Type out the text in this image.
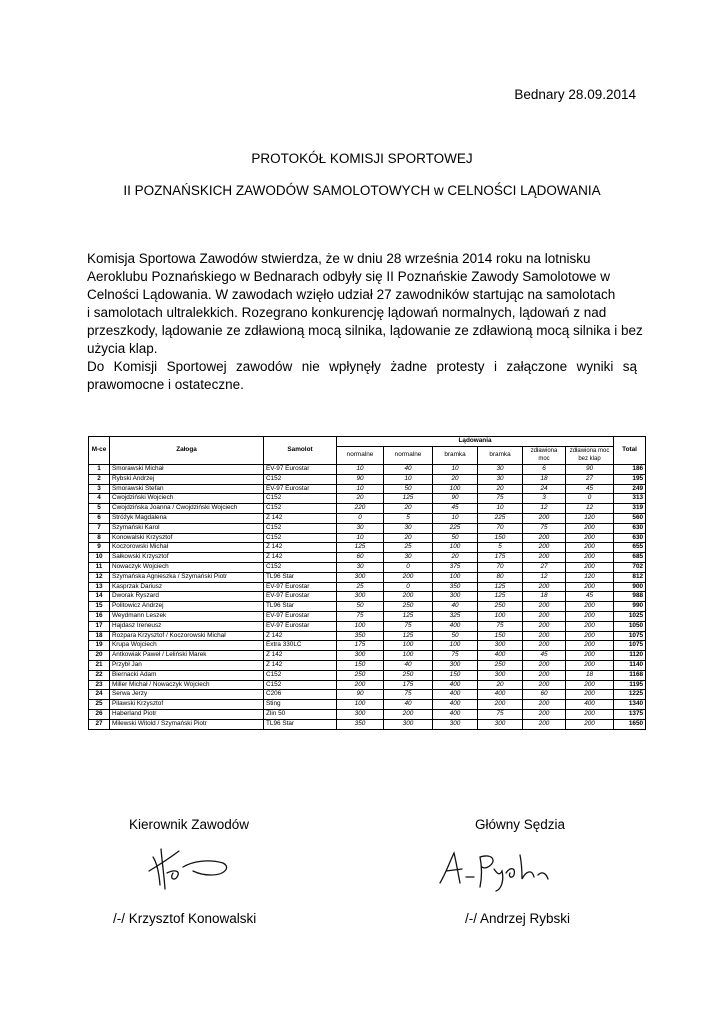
Bednary 28.09.2014
PROTOKÓŁ KOMISJI SPORTOWEJ
II POZNAŃSKICH ZAWODÓW SAMOLOTOWYCH w CELNOŚCI LĄDOWANIA
Komisja Sportowa Zawodów stwierdza, że w dniu 28 września 2014 roku na lotnisku
Aeroklubu Poznańskiego w Bednarach odbyły się II Poznańskie Zawody Samolotowe w
Celności Lądowania. W zawodach wzięło udział 27 zawodników startując na samolotach
i samolotach ultralekkich. Rozegrano konkurencję lądowań normalnych, lądowań z nad
przeszkody, lądowanie ze zdławioną mocą silnika, lądowanie ze zdławioną mocą silnika i bez
użycia klap.
Do Komisji Sportowej zawodów nie wpłynęły żadne protesty i załączone wyniki są
prawomocne i ostateczne.
M-ce	Załoga	Samolot	Lądowania						Total
			normalne	normalne	bramka	bramka	zdławiona moc	zdławiona moc bez klap	
1	Smorawski Michał	EV-97 Eurostar	10	40	10	30	6	90	186
2	Rybski Andrzej	C152	90	10	20	30	18	27	195
3	Smorawski Stefan	EV-97 Eurostar	10	50	100	20	24	45	249
4	Cwojdziński Wojciech	C152	20	125	90	75	3	0	313
5	Cwojdzińska Joanna / Cwojdziński Wojciech	C152	220	20	45	10	12	12	319
6	Stróżyk Magdalena	Z 142	0	5	10	225	200	120	560
7	Szymański Karol	C152	30	30	225	70	75	200	630
8	Konowalski Krzysztof	C152	10	20	50	150	200	200	630
9	Koczorowski Michał	Z 142	125	25	100	5	200	200	655
10	Sałkowski Krzysztof	Z 142	60	30	20	175	200	200	685
11	Nowaczyk Wojciech	C152	30	0	375	70	27	200	702
12	Szymańska Agnieszka / Szymański Piotr	TL96 Star	300	200	100	80	12	120	812
13	Kasprzak Dariusz	EV-97 Eurostar	25	0	350	125	200	200	900
14	Dworak Ryszard	EV-97 Eurostar	300	200	300	125	18	45	988
15	Politowicz Andrzej	TL96 Star	50	250	40	250	200	200	990
16	Weydmann Leszek	EV-97 Eurostar	75	125	325	100	200	200	1025
17	Hajdasz Ireneusz	EV-97 Eurostar	100	75	400	75	200	200	1050
18	Rozpara Krzysztof / Koczorowski Michał	Z 142	350	125	50	150	200	200	1075
19	Krupa Wojciech	Extra 330LC	175	100	100	300	200	200	1075
20	Antkowiak Paweł / Leliński Marek	Z 142	300	100	75	400	45	200	1120
21	Przybł Jan	Z 142	150	40	300	250	200	200	1140
22	Biernacki Adam	C152	250	250	150	300	200	18	1168
23	Miller Michał / Nowaczyk Wojciech	C152	200	175	400	20	200	200	1195
24	Serwa Jerzy	C206	90	75	400	400	60	200	1225
25	Pilawski Krzysztof	Sting	100	40	400	200	200	400	1340
26	Haberland Piotr	Zlin 50	300	200	400	75	200	200	1375
27	Milewski Witold / Szymański Piotr	TL96 Star	350	300	300	300	200	200	1650
Kierownik Zawodów	Główny Sędzia
/-/ Krzysztof Konowalski	/-/ Andrzej Rybski
